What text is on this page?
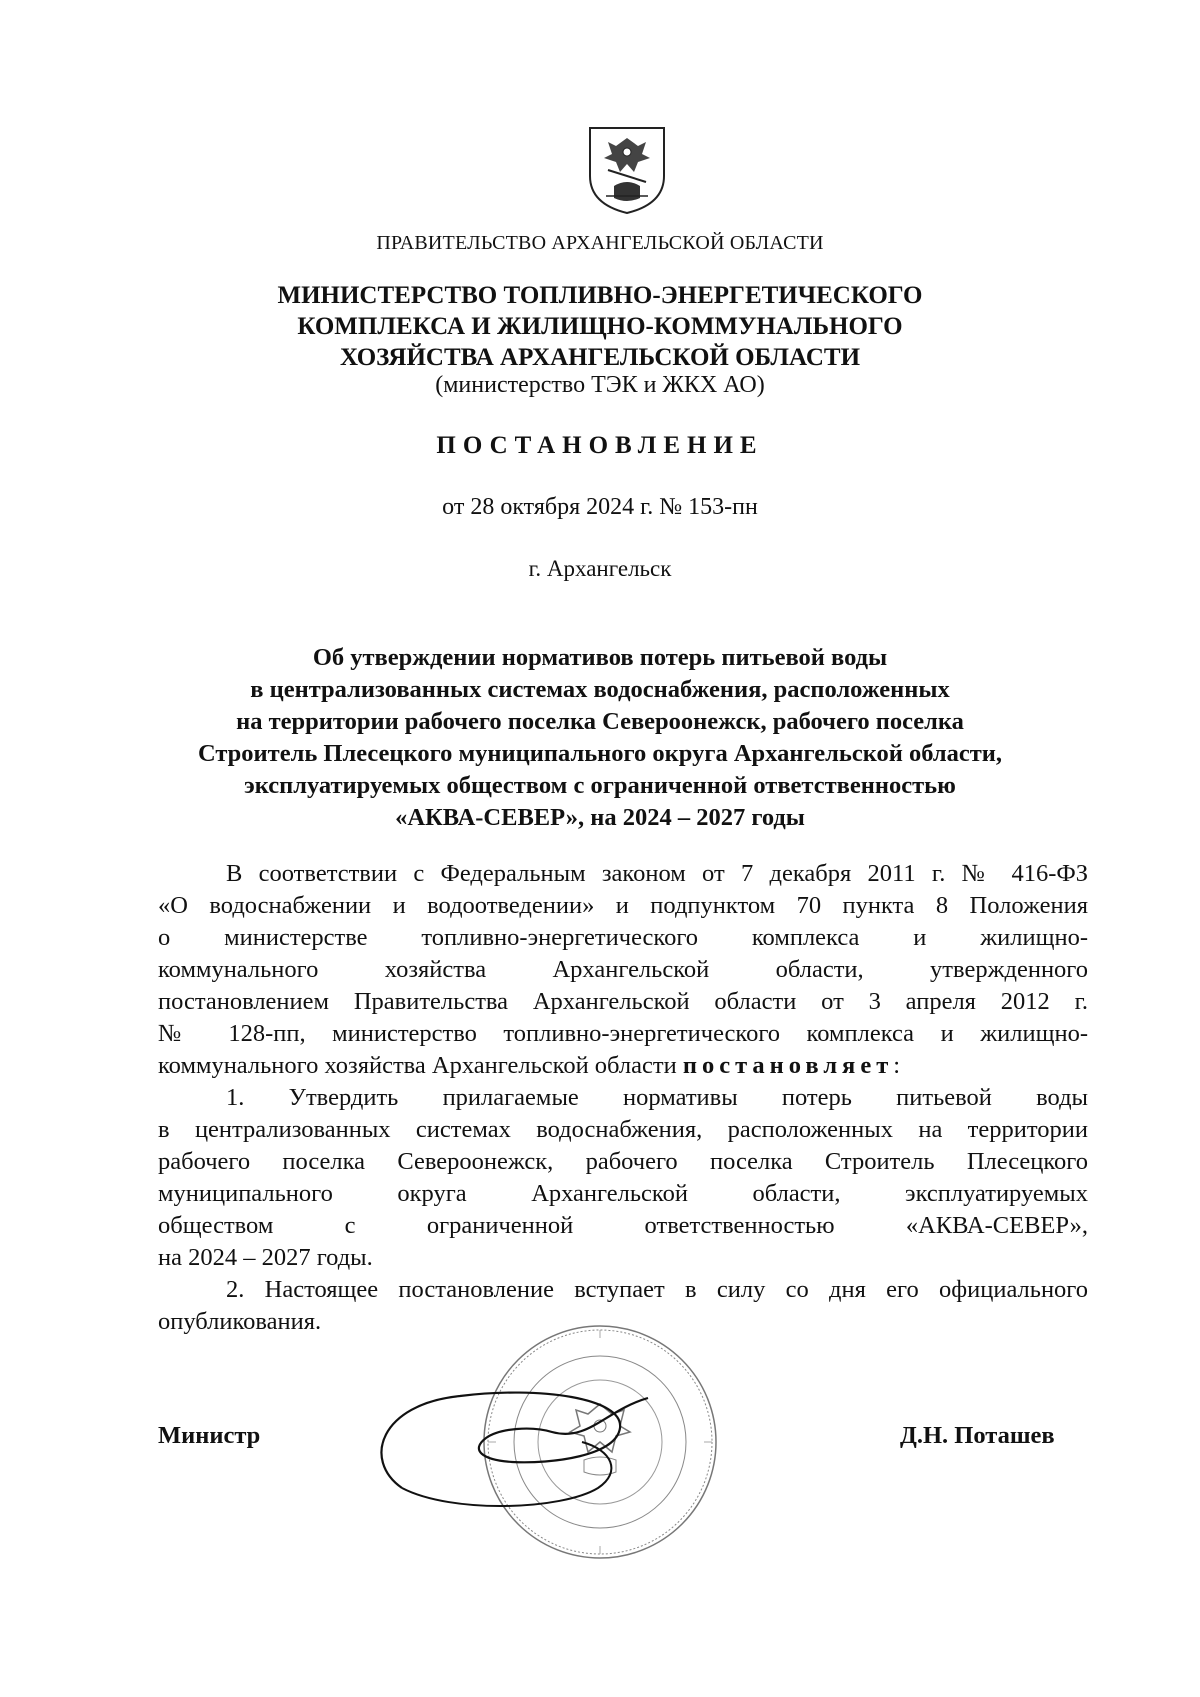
ПРАВИТЕЛЬСТВО АРХАНГЕЛЬСКОЙ ОБЛАСТИ
МИНИСТЕРСТВО ТОПЛИВНО-ЭНЕРГЕТИЧЕСКОГО
КОМПЛЕКСА И ЖИЛИЩНО-КОММУНАЛЬНОГО
ХОЗЯЙСТВА АРХАНГЕЛЬСКОЙ ОБЛАСТИ
(министерство ТЭК и ЖКХ АО)
ПОСТАНОВЛЕНИЕ
от 28 октября 2024 г. № 153-пн
г. Архангельск
Об утверждении нормативов потерь питьевой воды
в централизованных системах водоснабжения, расположенных
на территории рабочего поселка Североонежск, рабочего поселка
Строитель Плесецкого муниципального округа Архангельской области,
эксплуатируемых обществом с ограниченной ответственностью
«АКВА-СЕВЕР», на 2024 – 2027 годы
В соответствии с Федеральным законом от 7 декабря 2011 г. № 416-ФЗ
«О водоснабжении и водоотведении» и подпунктом 70 пункта 8 Положения
о министерстве топливно-энергетического комплекса и жилищно-
коммунального хозяйства Архангельской области, утвержденного
постановлением Правительства Архангельской области от 3 апреля 2012 г.
№ 128-пп, министерство топливно-энергетического комплекса и жилищно-
коммунального хозяйства Архангельской области постановляет:
1. Утвердить прилагаемые нормативы потерь питьевой воды
в централизованных системах водоснабжения, расположенных на территории
рабочего поселка Североонежск, рабочего поселка Строитель Плесецкого
муниципального округа Архангельской области, эксплуатируемых
обществом с ограниченной ответственностью «АКВА-СЕВЕР»,
на 2024 – 2027 годы.
2. Настоящее постановление вступает в силу со дня его официального
опубликования.
Министр	Д.Н. Поташев
